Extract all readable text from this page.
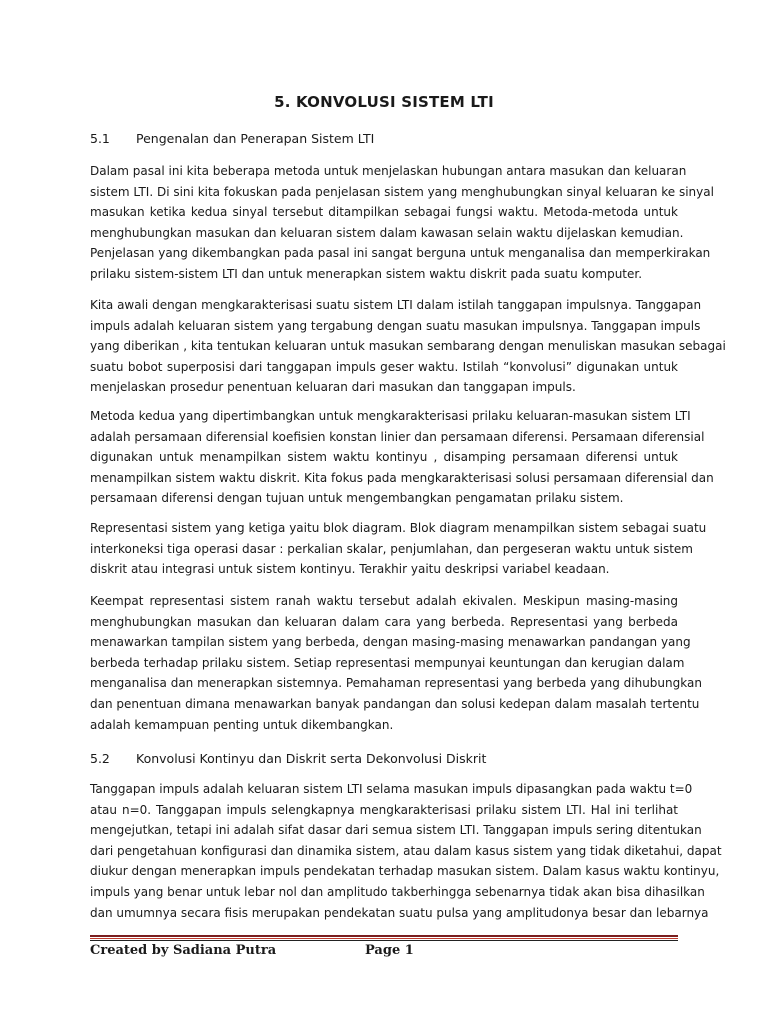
5. KONVOLUSI SISTEM LTI
5.1	Pengenalan dan Penerapan Sistem LTI
Dalam pasal ini kita beberapa metoda untuk menjelaskan hubungan antara masukan dan keluaran
sistem LTI. Di sini kita fokuskan pada penjelasan sistem yang menghubungkan sinyal keluaran ke sinyal
masukan ketika kedua sinyal tersebut ditampilkan sebagai fungsi waktu. Metoda-metoda untuk
menghubungkan masukan dan keluaran sistem dalam kawasan selain waktu dijelaskan kemudian.
Penjelasan yang dikembangkan pada pasal ini sangat berguna untuk menganalisa dan memperkirakan
prilaku sistem-sistem LTI dan untuk menerapkan sistem waktu diskrit pada suatu komputer.
Kita awali dengan mengkarakterisasi suatu sistem LTI dalam istilah tanggapan impulsnya. Tanggapan
impuls adalah keluaran sistem yang tergabung dengan suatu masukan impulsnya. Tanggapan impuls
yang diberikan , kita tentukan keluaran untuk masukan sembarang dengan menuliskan masukan sebagai
suatu bobot superposisi dari tanggapan impuls geser waktu. Istilah “konvolusi” digunakan untuk
menjelaskan prosedur penentuan keluaran dari masukan dan tanggapan impuls.
Metoda kedua yang dipertimbangkan untuk mengkarakterisasi prilaku keluaran-masukan sistem LTI
adalah persamaan diferensial koefisien konstan linier dan persamaan diferensi. Persamaan diferensial
digunakan untuk menampilkan sistem waktu kontinyu , disamping persamaan diferensi untuk
menampilkan sistem waktu diskrit. Kita fokus pada mengkarakterisasi solusi persamaan diferensial dan
persamaan diferensi dengan tujuan untuk mengembangkan pengamatan prilaku sistem.
Representasi sistem yang ketiga yaitu blok diagram. Blok diagram menampilkan sistem sebagai suatu
interkoneksi tiga operasi dasar : perkalian skalar, penjumlahan, dan pergeseran waktu untuk sistem
diskrit atau integrasi untuk sistem kontinyu. Terakhir yaitu deskripsi variabel keadaan.
Keempat representasi sistem ranah waktu tersebut adalah ekivalen. Meskipun masing-masing
menghubungkan masukan dan keluaran dalam cara yang berbeda. Representasi yang berbeda
menawarkan tampilan sistem yang berbeda, dengan masing-masing menawarkan pandangan yang
berbeda terhadap prilaku sistem. Setiap representasi mempunyai keuntungan dan kerugian dalam
menganalisa dan menerapkan sistemnya. Pemahaman representasi yang berbeda yang dihubungkan
dan penentuan dimana menawarkan banyak pandangan dan solusi kedepan dalam masalah tertentu
adalah kemampuan penting untuk dikembangkan.
5.2	Konvolusi Kontinyu dan Diskrit serta Dekonvolusi Diskrit
Tanggapan impuls adalah keluaran sistem LTI selama masukan impuls dipasangkan pada waktu t=0
atau n=0. Tanggapan impuls selengkapnya mengkarakterisasi prilaku sistem LTI. Hal ini terlihat
mengejutkan, tetapi ini adalah sifat dasar dari semua sistem LTI. Tanggapan impuls sering ditentukan
dari pengetahuan konfigurasi dan dinamika sistem, atau dalam kasus sistem yang tidak diketahui, dapat
diukur dengan menerapkan impuls pendekatan terhadap masukan sistem. Dalam kasus waktu kontinyu,
impuls yang benar untuk lebar nol dan amplitudo takberhingga sebenarnya tidak akan bisa dihasilkan
dan umumnya secara fisis merupakan pendekatan suatu pulsa yang amplitudonya besar dan lebarnya
Created by Sadiana Putra	Page 1
